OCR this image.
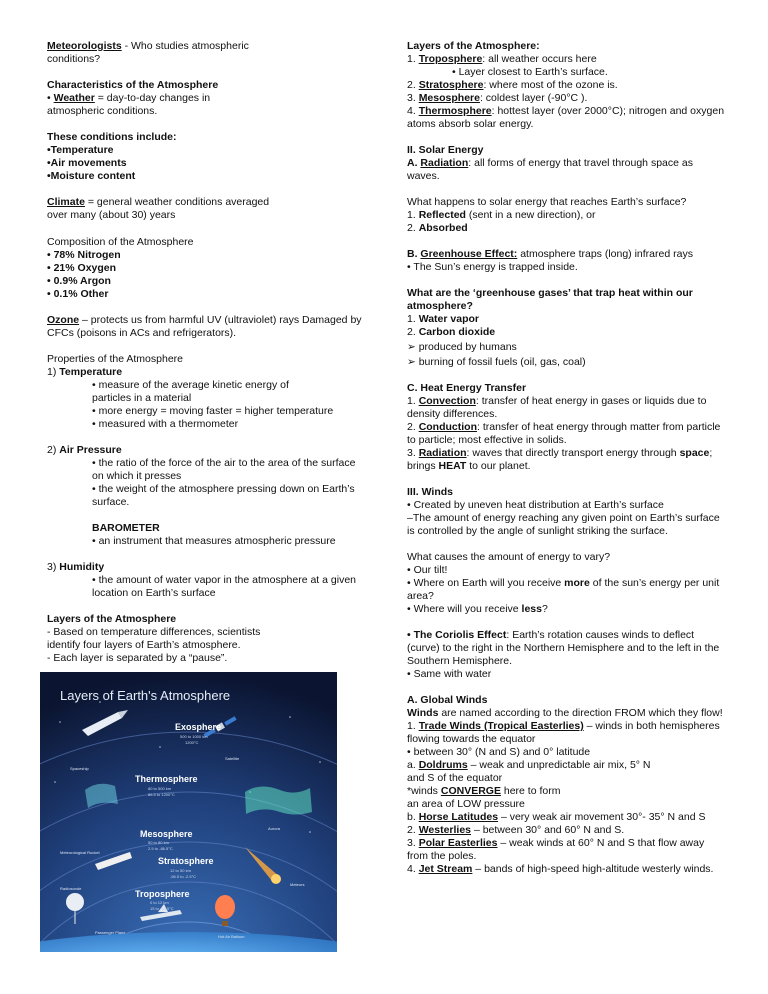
Meteorologists - Who studies atmospheric conditions?

Characteristics of the Atmosphere

• Weather = day-to-day changes in atmospheric conditions.

These conditions include:

•Temperature

•Air movements

•Moisture content

Climate = general weather conditions averaged over many (about 30) years

Composition of the Atmosphere

• 78% Nitrogen

• 21% Oxygen

• 0.9% Argon

• 0.1% Other

Ozone – protects us from harmful UV (ultraviolet) rays Damaged by CFCs (poisons in ACs and refrigerators).

Properties of the Atmosphere

1) Temperature

• measure of the average kinetic energy of particles in a material

• more energy = moving faster = higher temperature

• measured with a thermometer

2) Air Pressure

• the ratio of the force of the air to the area of the surface on which it presses

• the weight of the atmosphere pressing down on Earth’s surface.

BAROMETER

• an instrument that measures atmospheric pressure

3) Humidity

• the amount of water vapor in the atmosphere at a given location on Earth’s surface

Layers of the Atmosphere

- Based on temperature differences, scientists identify four layers of Earth’s atmosphere.

- Each layer is separated by a “pause”.

Layers of Earth's Atmosphere
Exosphere
500 to 1000 km
1200°C
Satellite
Spaceship
Thermosphere
80 to 500 km
86.5 to 1200°C
Aurora
Mesosphere
50 to 80 km
2.5 to -86.5°C
Meteorological Rocket
Stratosphere
12 to 50 km
-56.5 to -2.5°C
Meteors
Radiosonde
Troposphere
0 to 12 km
15 to -56.5°C
Passenger Plane
Hot Air Balloon

Layers of the Atmosphere:

1. Troposphere: all weather occurs here

• Layer closest to Earth’s surface.

2. Stratosphere: where most of the ozone is.

3. Mesosphere: coldest layer (-90°C ).

4. Thermosphere: hottest layer (over 2000°C); nitrogen and oxygen atoms absorb solar energy.

II. Solar Energy

A. Radiation: all forms of energy that travel through space as waves.

What happens to solar energy that reaches Earth’s surface?

1. Reflected (sent in a new direction), or

2. Absorbed

B. Greenhouse Effect: atmosphere traps (long) infrared rays

• The Sun’s energy is trapped inside.

What are the ‘greenhouse gases’ that trap heat within our atmosphere?

1. Water vapor

2. Carbon dioxide

➢ produced by humans

➢ burning of fossil fuels (oil, gas, coal)

C. Heat Energy Transfer

1. Convection: transfer of heat energy in gases or liquids due to density differences.

2. Conduction: transfer of heat energy through matter from particle to particle; most effective in solids.

3. Radiation: waves that directly transport energy through space; brings HEAT to our planet.

III. Winds

• Created by uneven heat distribution at Earth’s surface

–The amount of energy reaching any given point on Earth’s surface is controlled by the angle of sunlight striking the surface.

What causes the amount of energy to vary?

• Our tilt!

• Where on Earth will you receive more of the sun’s energy per unit area?

• Where will you receive less?

• The Coriolis Effect: Earth’s rotation causes winds to deflect (curve) to the right in the Northern Hemisphere and to the left in the Southern Hemisphere.

• Same with water

A. Global Winds

Winds are named according to the direction FROM which they flow!

1. Trade Winds (Tropical Easterlies) – winds in both hemispheres flowing towards the equator

• between 30° (N and S) and 0° latitude

a. Doldrums – weak and unpredictable air mix, 5° N and S of the equator

*winds CONVERGE here to form an area of LOW pressure

b. Horse Latitudes – very weak air movement 30°- 35° N and S

2. Westerlies – between 30° and 60° N and S.

3. Polar Easterlies – weak winds at 60° N and S that flow away from the poles.

4. Jet Stream – bands of high-speed high-altitude westerly winds.
